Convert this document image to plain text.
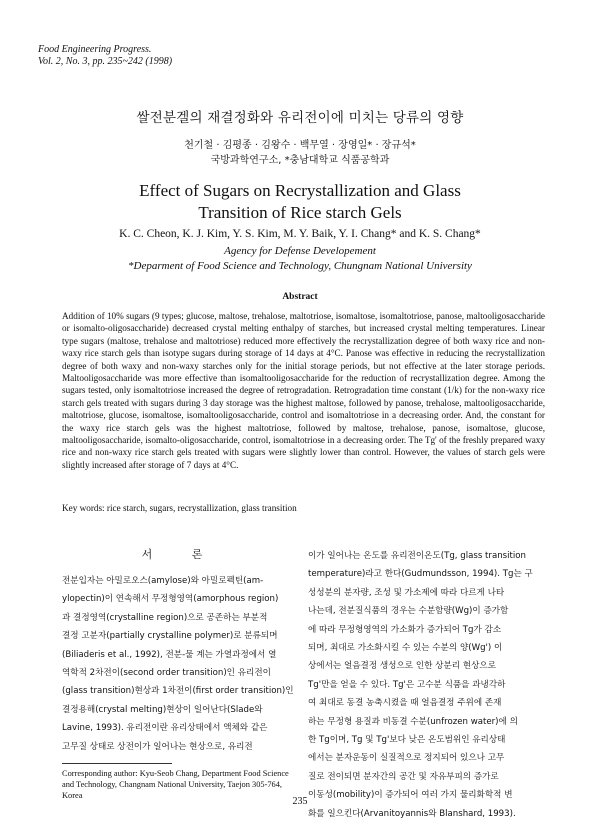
Food Engineering Progress.
Vol. 2, No. 3, pp. 235~242 (1998)
쌀전분겔의 재결정화와 유리전이에 미치는 당류의 영향
천기철 · 김평종 · 김왕수 · 백무열 · 장영일* · 장규석*
국방과학연구소, *충남대학교 식품공학과
Effect of Sugars on Recrystallization and Glass
Transition of Rice starch Gels
K. C. Cheon, K. J. Kim, Y. S. Kim, M. Y. Baik, Y. I. Chang* and K. S. Chang*
Agency for Defense Developement
*Deparment of Food Science and Technology, Chungnam National University
Abstract
Addition of 10% sugars (9 types; glucose, maltose, trehalose, maltotriose, isomaltose, isomaltotriose, panose, maltooligosaccharide or isomalto-oligosaccharide) decreased crystal melting enthalpy of starches, but increased crystal melting temperatures. Linear type sugars (maltose, trehalose and maltotriose) reduced more effectively the recrystallization degree of both waxy rice and non-waxy rice starch gels than isotype sugars during storage of 14 days at 4°C. Panose was effective in reducing the recrystallization degree of both waxy and non-waxy starches only for the initial storage periods, but not effective at the later storage periods. Maltooligosaccharide was more effective than isomaltooligosaccharide for the reduction of recrystallization degree. Among the sugars tested, only isomaltotriose increased the degree of retrogradation. Retrogradation time constant (1/k) for the non-waxy rice starch gels treated with sugars during 3 day storage was the highest maltose, followed by panose, trehalose, maltooligosaccharide, maltotriose, glucose, isomaltose, isomaltooligosaccharide, control and isomaltotriose in a decreasing order. And, the constant for the waxy rice starch gels was the highest maltotriose, followed by maltose, trehalose, panose, isomaltose, glucose, maltooligosaccharide, isomalto-oligosaccharide, control, isomaltotriose in a decreasing order. The Tg' of the freshly prepared waxy rice and non-waxy rice starch gels treated with sugars were slightly lower than control. However, the values of starch gels were slightly increased after storage of 7 days at 4°C.
Key words: rice starch, sugars, recrystallization, glass transition
서 론
전분입자는 아밀로오스(amylose)와 아밀로펙틴(am-
ylopectin)이 연속해서 무정형영역(amorphous region)
과 결정영역(crystalline region)으로 공존하는 부분적
결정 고분자(partially crystalline polymer)로 분류되며
(Biliaderis et al., 1992), 전분-물 계는 가열과정에서 열
역학적 2차전이(second order transition)인 유리전이
(glass transition)현상과 1차전이(first order transition)인
결정용해(crystal melting)현상이 일어난다(Slade와
Lavine, 1993). 유리전이란 유리상태에서 액체와 같은
고무질 상태로 상전이가 일어나는 현상으로, 유리전
이가 일어나는 온도를 유리전이온도(Tg, glass transition
temperature)라고 한다(Gudmundsson, 1994). Tg는 구
성성분의 분자량, 조성 및 가소제에 따라 다르게 나타
나는데, 전분질식품의 경우는 수분함량(Wg)이 증가함
에 따라 무정형영역의 가소화가 증가되어 Tg가 감소
되며, 최대로 가소화시킬 수 있는 수분의 양(Wg') 이
상에서는 얼음결정 생성으로 인한 상분리 현상으로
Tg'만을 얻을 수 있다. Tg'은 고수분 식품을 과냉각하
여 최대로 동결 농축시켰을 때 얼음결정 주위에 존재
하는 무정형 용질과 비동결 수분(unfrozen water)에 의
한 Tg이며, Tg 및 Tg'보다 낮은 온도범위인 유리상태
에서는 분자운동이 실질적으로 정지되어 있으나 고무
질로 전이되면 분자간의 공간 및 자유부피의 증가로
이동성(mobility)이 증가되어 여러 가지 물리화학적 변
화를 일으킨다(Arvanitoyannis와 Blanshard, 1993).
Corresponding author: Kyu-Seob Chang, Department Food Science and Technology, Changnam National University, Taejon 305-764, Korea
235
